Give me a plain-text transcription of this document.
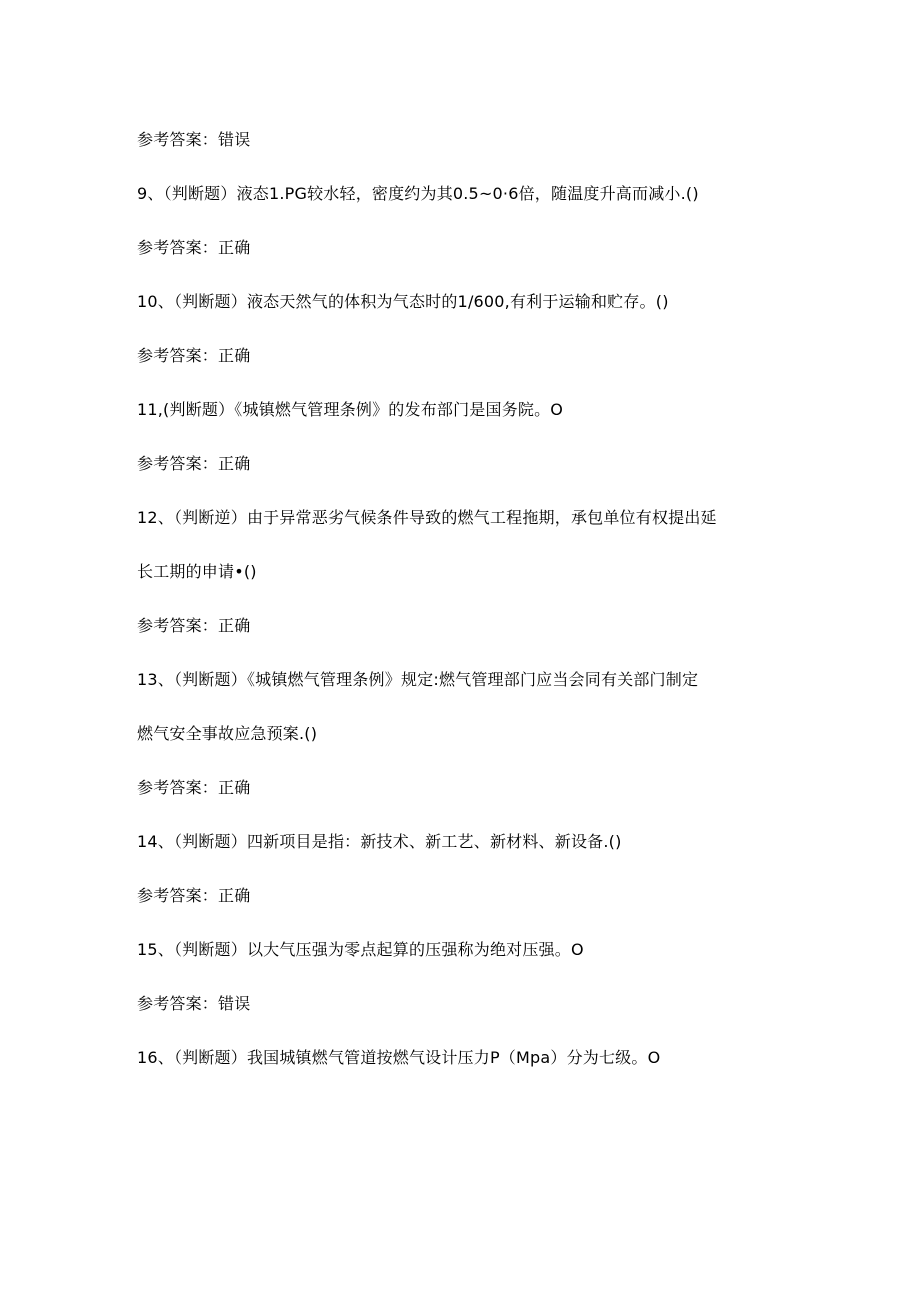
参考答案：错误
9、（判断题）液态1.PG较水轻，密度约为其0.5~0·6倍，随温度升高而减小.()
参考答案：正确
10、（判断题）液态天然气的体积为气态时的1/600,有利于运输和贮存。()
参考答案：正确
11,(判断题）《城镇燃气管理条例》的发布部门是国务院。O
参考答案：正确
12、（判断逆）由于异常恶劣气候条件导致的燃气工程拖期，承包单位有权提出延
长工期的申请•()
参考答案：正确
13、（判断题）《城镇燃气管理条例》规定:燃气管理部门应当会同有关部门制定
燃气安全事故应急预案.()
参考答案：正确
14、（判断题）四新项目是指：新技术、新工艺、新材料、新设备.()
参考答案：正确
15、（判断题）以大气压强为零点起算的压强称为绝对压强。O
参考答案：错误
16、（判断题）我国城镇燃气管道按燃气设计压力P（Mpa）分为七级。O
